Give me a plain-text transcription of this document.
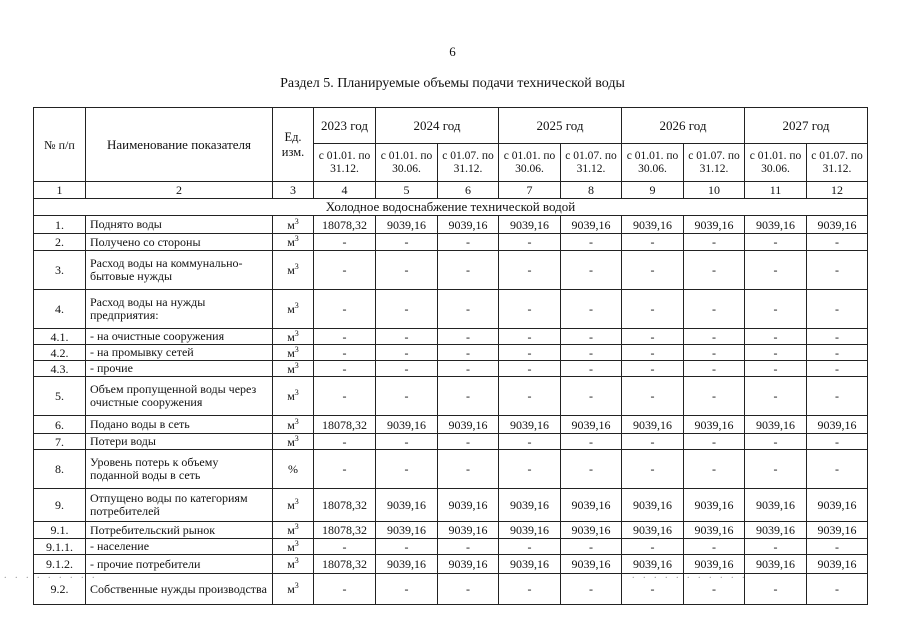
6
Раздел 5. Планируемые объемы подачи технической воды
№ п/п	Наименование показателя	Ед. изм.	2023 год	2024 год		2025 год		2026 год		2027 год	
			с 01.01. по 31.12.	с 01.01. по 30.06.	с 01.07. по 31.12.	с 01.01. по 30.06.	с 01.07. по 31.12.	с 01.01. по 30.06.	с 01.07. по 31.12.	с 01.01. по 30.06.	с 01.07. по 31.12.
1	2	3	4	5	6	7	8	9	10	11	12
Холодное водоснабжение технической водой											
1.	Поднято воды	$м^3$	18078,32	9039,16	9039,16	9039,16	9039,16	9039,16	9039,16	9039,16	9039,16
2.	Получено со стороны	$м^3$	-	-	-	-	-	-	-	-	-
3.	Расход воды на коммунально-бытовые нужды	$м^3$	-	-	-	-	-	-	-	-	-
4.	Расход воды на нужды предприятия:	$м^3$	-	-	-	-	-	-	-	-	-
4.1.	- на очистные сооружения	$м^3$	-	-	-	-	-	-	-	-	-
4.2.	- на промывку сетей	$м^3$	-	-	-	-	-	-	-	-	-
4.3.	- прочие	$м^3$	-	-	-	-	-	-	-	-	-
5.	Объем пропущенной воды через очистные сооружения	$м^3$	-	-	-	-	-	-	-	-	-
6.	Подано воды в сеть	$м^3$	18078,32	9039,16	9039,16	9039,16	9039,16	9039,16	9039,16	9039,16	9039,16
7.	Потери воды	$м^3$	-	-	-	-	-	-	-	-	-
8.	Уровень потерь к объему поданной воды в сеть	%	-	-	-	-	-	-	-	-	-
9.	Отпущено воды по категориям потребителей	$м^3$	18078,32	9039,16	9039,16	9039,16	9039,16	9039,16	9039,16	9039,16	9039,16
9.1.	Потребительский рынок	$м^3$	18078,32	9039,16	9039,16	9039,16	9039,16	9039,16	9039,16	9039,16	9039,16
9.1.1.	- население	$м^3$	-	-	-	-	-	-	-	-	-
9.1.2.	- прочие потребители	$м^3$	18078,32	9039,16	9039,16	9039,16	9039,16	9039,16	9039,16	9039,16	9039,16
9.2.	Собственные нужды производства	$м^3$	-	-	-	-	-	-	-	-	-
. . . . . . . . .	. . . . . . . . . . .
